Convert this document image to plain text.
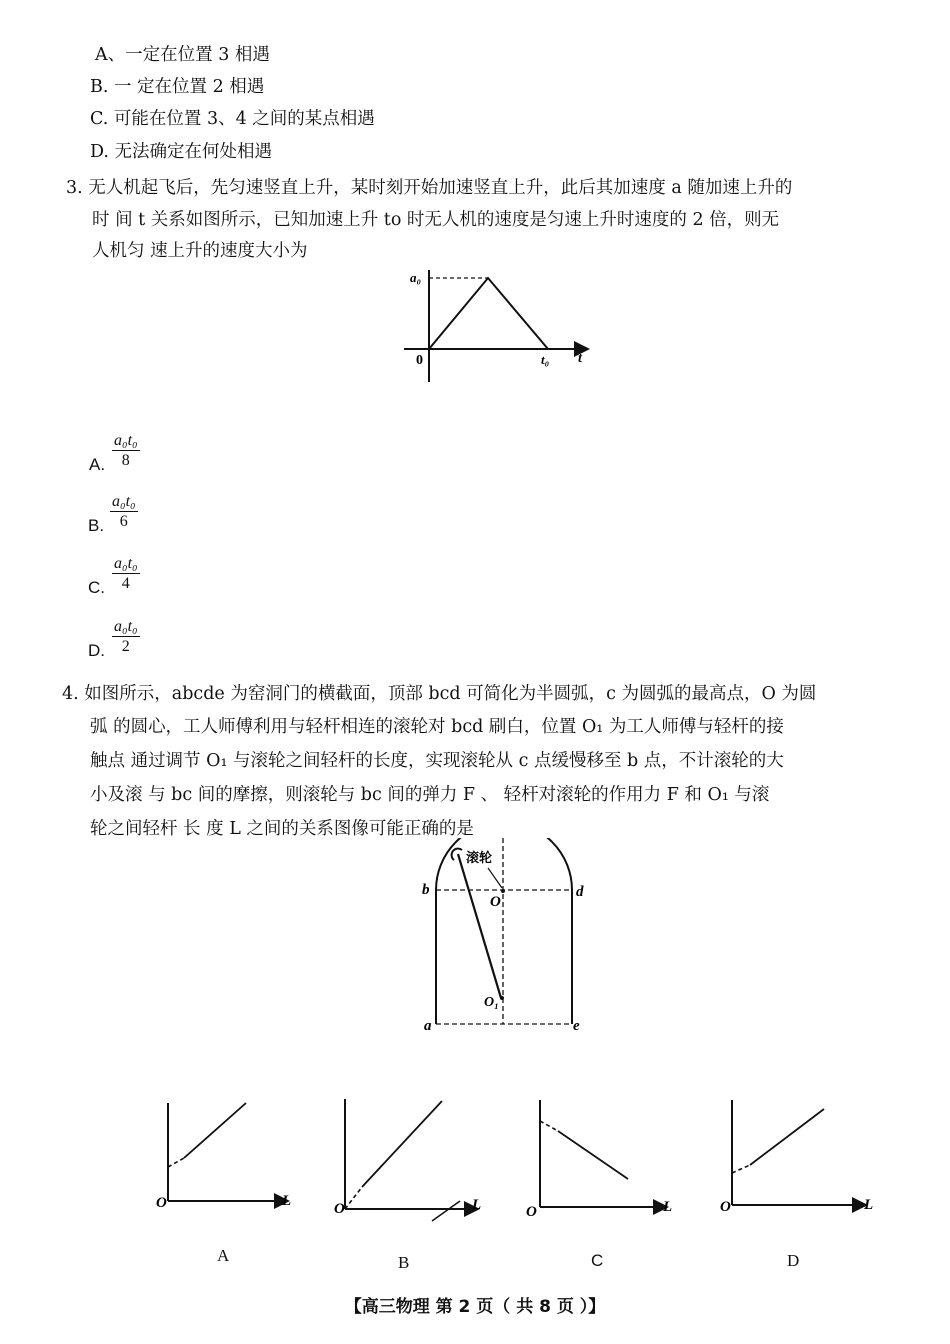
A、一定在位置 3 相遇
B. 一 定在位置 2 相遇
C. 可能在位置 3、4 之间的某点相遇
D. 无法确定在何处相遇
3. 无人机起飞后，先匀速竖直上升，某时刻开始加速竖直上升，此后其加速度 a 随加速上升的
时 间 t 关系如图所示，已知加速上升 to 时无人机的速度是匀速上升时速度的 2 倍，则无
人机匀 速上升的速度大小为
a₀
0	t₀ t
A. $\frac{\text{a₀t₀}}{8}$
B. $\frac{\text{a₀t₀}}{6}$
C. $\frac{\text{a₀t₀}}{4}$
D. $\frac{\text{a₀t₀}}{2}$
4. 如图所示，abcde 为窑洞门的横截面，顶部 bcd 可简化为半圆弧，c 为圆弧的最高点，O 为圆
弧 的圆心，工人师傅利用与轻杆相连的滚轮对 bcd 刷白，位置 O₁ 为工人师傅与轻杆的接
触点 通过调节 O₁ 与滚轮之间轻杆的长度，实现滚轮从 c 点缓慢移至 b 点，不计滚轮的大
小及滚 与 bc 间的摩擦，则滚轮与 bc 间的弹力 F 、 轻杆对滚轮的作用力 F 和 O₁ 与滚
轮之间轻杆 长 度 L 之间的关系图像可能正确的是
滚轮
b	d
O
O₁
a	e
O	L	O	L	O	L	O	L
A	B	C	D
【高三物理 第 2 页（ 共 8 页 ）】
